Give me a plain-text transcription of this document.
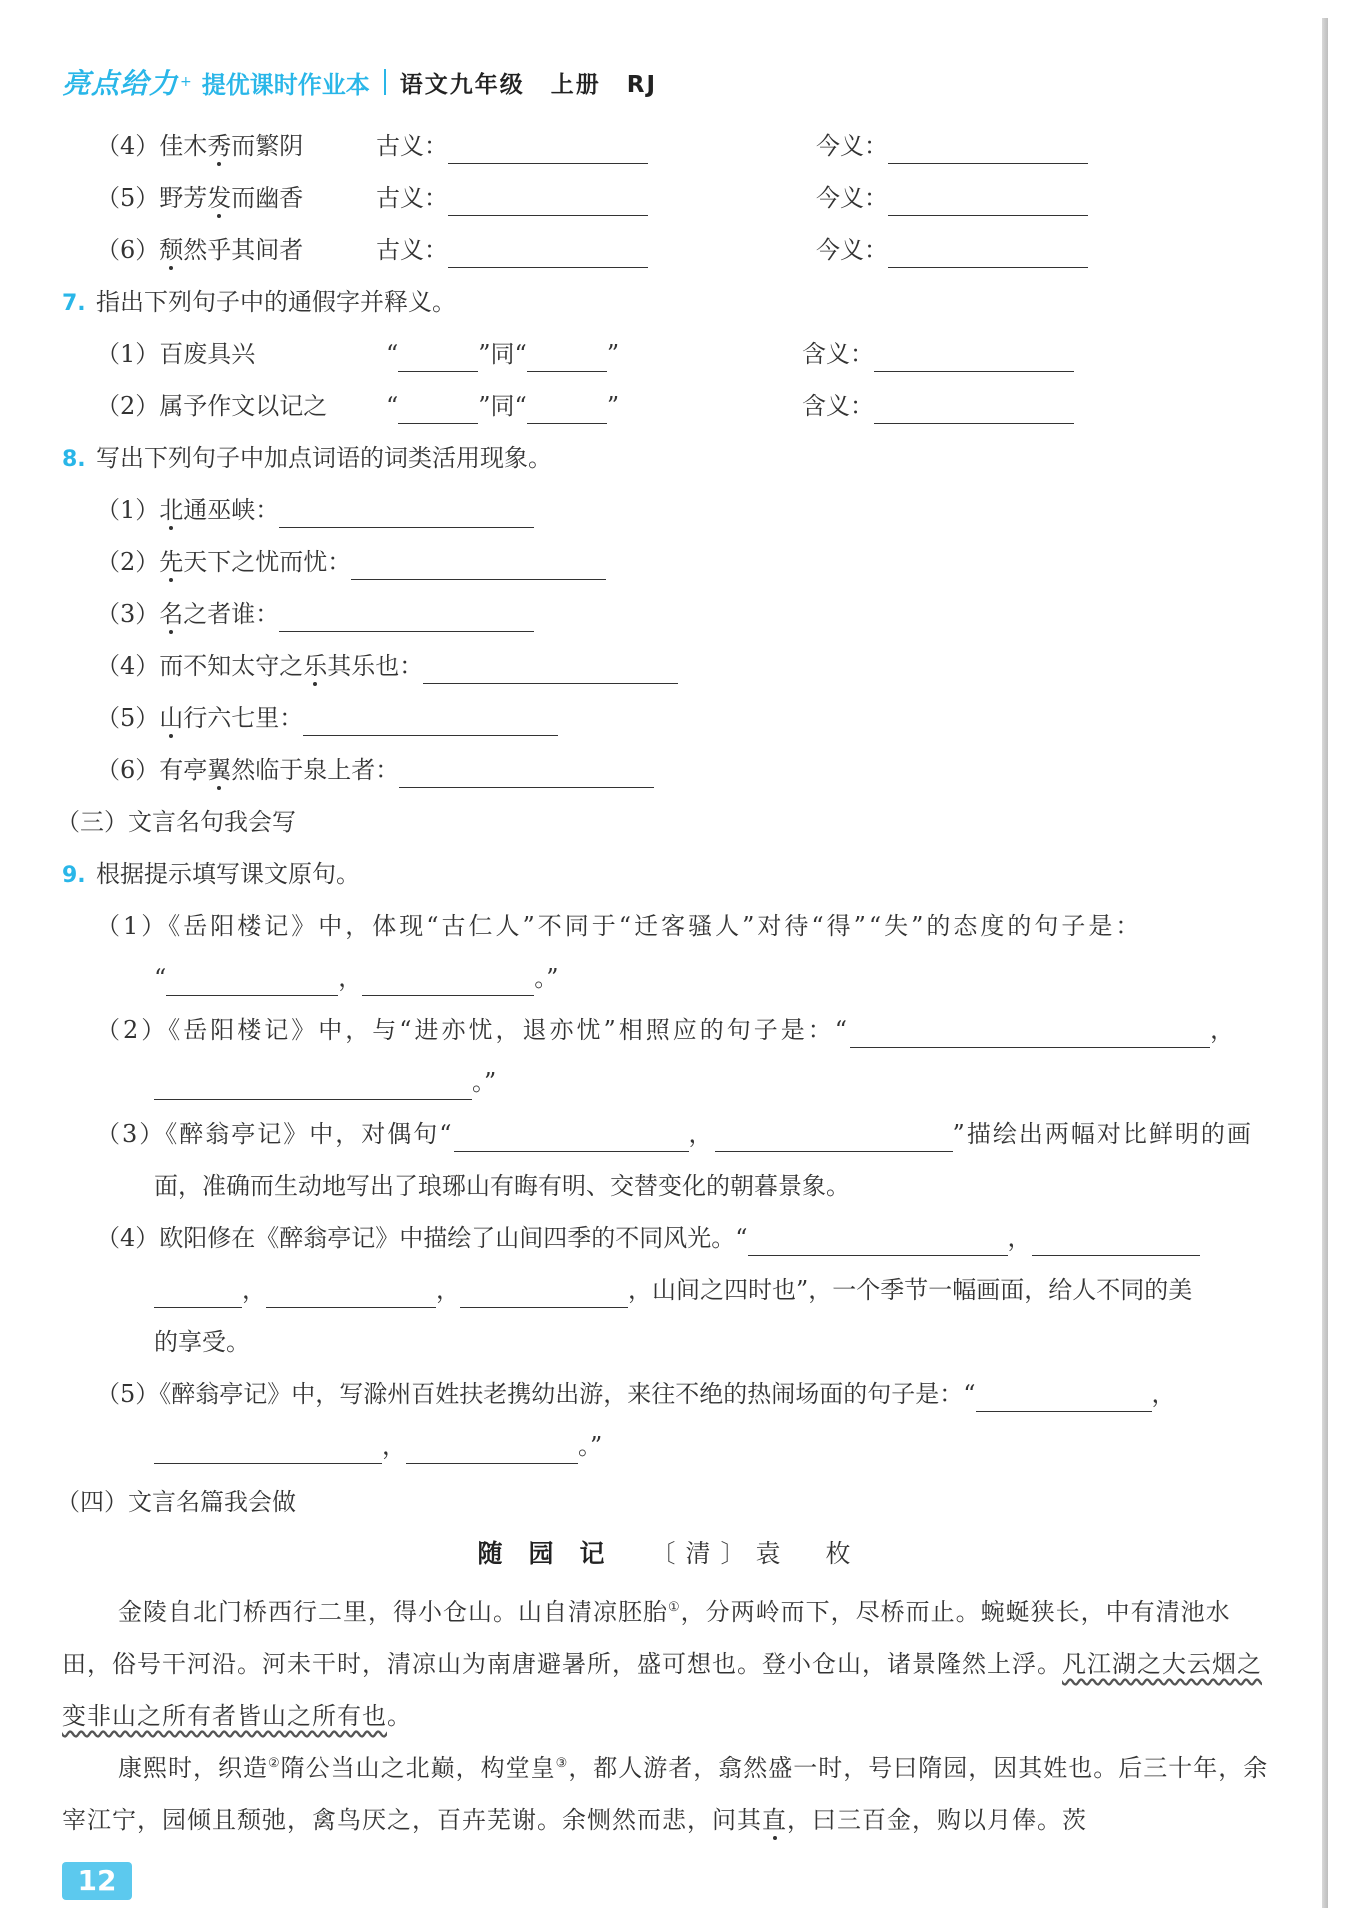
亮点给力 + 提优课时作业本 语文九年级 上册 RJ
（4）佳木秀而繁阴	古义：	今义：
（5）野芳发而幽香	古义：	今义：
（6）颓然乎其间者	古义：	今义：
7. 指出下列句子中的通假字并释义。
（1）百废具兴	“	”同“	”	含义：
（2）属予作文以记之 “	”同“	”	含义：
8. 写出下列句子中加点词语的词类活用现象。
（1）北通巫峡：
（2）先天下之忧而忧：
（3）名之者谁：
（4）而不知太守之乐其乐也：
（5）山行六七里：
（6）有亭翼然临于泉上者：
（三）文言名句我会写
9. 根据提示填写课文原句。
（1）《岳阳楼记》中，体现“古仁人”不同于“迁客骚人”对待“得”“失”的态度的句子是：
“	，	。”
（2）《岳阳楼记》中，与“进亦忧，退亦忧”相照应的句子是：“	，
。”
（3）《醉翁亭记》中，对偶句“	，	”描绘出两幅对比鲜明的画
面，准确而生动地写出了琅琊山有晦有明、交替变化的朝暮景象。
（4）欧阳修在《醉翁亭记》中描绘了山间四季的不同风光。“	，
，	，	，山间之四时也”，一个季节一幅画面，给人不同的美
的享受。
（5）《醉翁亭记》中，写滁州百姓扶老携幼出游，来往不绝的热闹场面的句子是：“	，
，	。”
（四）文言名篇我会做
随园记 〔清〕袁　枚
金陵自北门桥西行二里，得小仓山。山自清凉胚胎①，分两岭而下，尽桥而止。蜿蜒狭长，中有清池水田，俗号干河沿。河未干时，清凉山为南唐避暑所，盛可想也。登小仓山，诸景隆然上浮。凡江湖之大云烟之变非山之所有者皆山之所有也。
康熙时，织造②隋公当山之北巅，构堂皇③，都人游者，翕然盛一时，号曰隋园，因其姓也。后三十年，余宰江宁，园倾且颓弛，禽鸟厌之，百卉芜谢。余恻然而悲，问其直，曰三百金，购以月俸。茨
12
